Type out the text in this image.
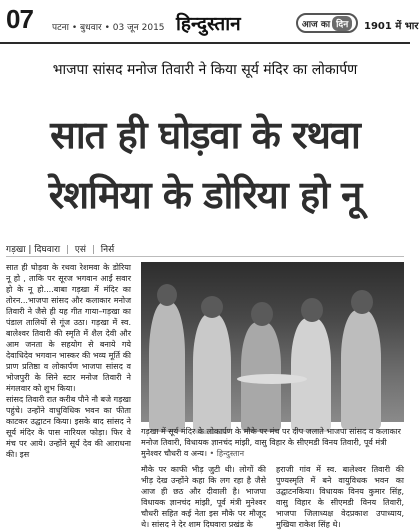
07 पटना • बुधवार • 03 जून 2015 हिन्दुस्तान	आज का दिन	1901 में भार
भाजपा सांसद मनोज तिवारी ने किया सूर्य मंदिर का लोकार्पण
सात ही घोड़वा के रथवा
रेशमिया के डोरिया हो नू
गड़खा | दिघवारा | एसं | निर्स

सात ही घोड़वा के रथवा रेशमवा के डोरिया नू हो , ताकि पर सूरज भगवान आईं सवार हो के नू हो....बाबा गड़खा में मंदिर का तोरन...भाजपा सांसद और कलाकार मनोज तिवारी ने जैसे ही यह गीत गाया–गड़खा का पंडाल तालियों से गूंज उठा। गड़खा में स्व. बालेश्वर तिवारी की स्मृति में शैल देवी और आम जनता के सहयोग से बनाये गये देवाधिदेव भगवान भास्कर की भव्य मूर्ति की प्राण प्रतिष्ठा व लोकार्पण भाजपा सांसद व भोजपुरी के सिने स्टार मनोज तिवारी ने मंगलवार को शुभ किया।

सांसद तिवारी रात करीब पौने नौ बजे गड़खा पहुंचे। उन्होंने वाधुविधिक भवन का फीता काटकर उद्घाटन किया। इसके बाद सांसद ने सूर्य मंदिर के पास नारियल फोड़ा। फिर वे मंच पर आये। उन्होंने सूर्य देव की आराधना की। इस

गड़खा में सूर्य मंदिर के लोकार्पण के मौके पर मंच पर दीप जलाते भाजपा सांसद व कलाकार मनोज तिवारी, विधायक ज्ञानचंद मांझी, वासु विहार के सीएमडी विनय तिवारी, पूर्व मंत्री मुनेश्वर चौधरी व अन्य। • हिन्दुस्तान
मौके पर काफी भीड़ जुटी थी। लोगों की भीड़ देख उन्होंने कहा कि लग रहा है जैसे आज ही छठ और दीवाली है। भाजपा विधायक ज्ञानचंद मांझी, पूर्व मंत्री मुनेश्वर चौधरी सहित कई नेता इस मौके पर मौजूद थे। सांसद ने देर शाम दिघवारा प्रखंड के
हराजी गांव में स्व. बालेश्वर तिवारी की पुण्यस्मृति में बने वायुविधक भवन का उद्घाटनकिया। विधायक विनय कुमार सिंह, वासु विहार के सीएमडी विनय तिवारी, भाजपा जिलाध्यक्ष वेदप्रकाश उपाध्याय, मुखिया राकेश सिंह थे।
